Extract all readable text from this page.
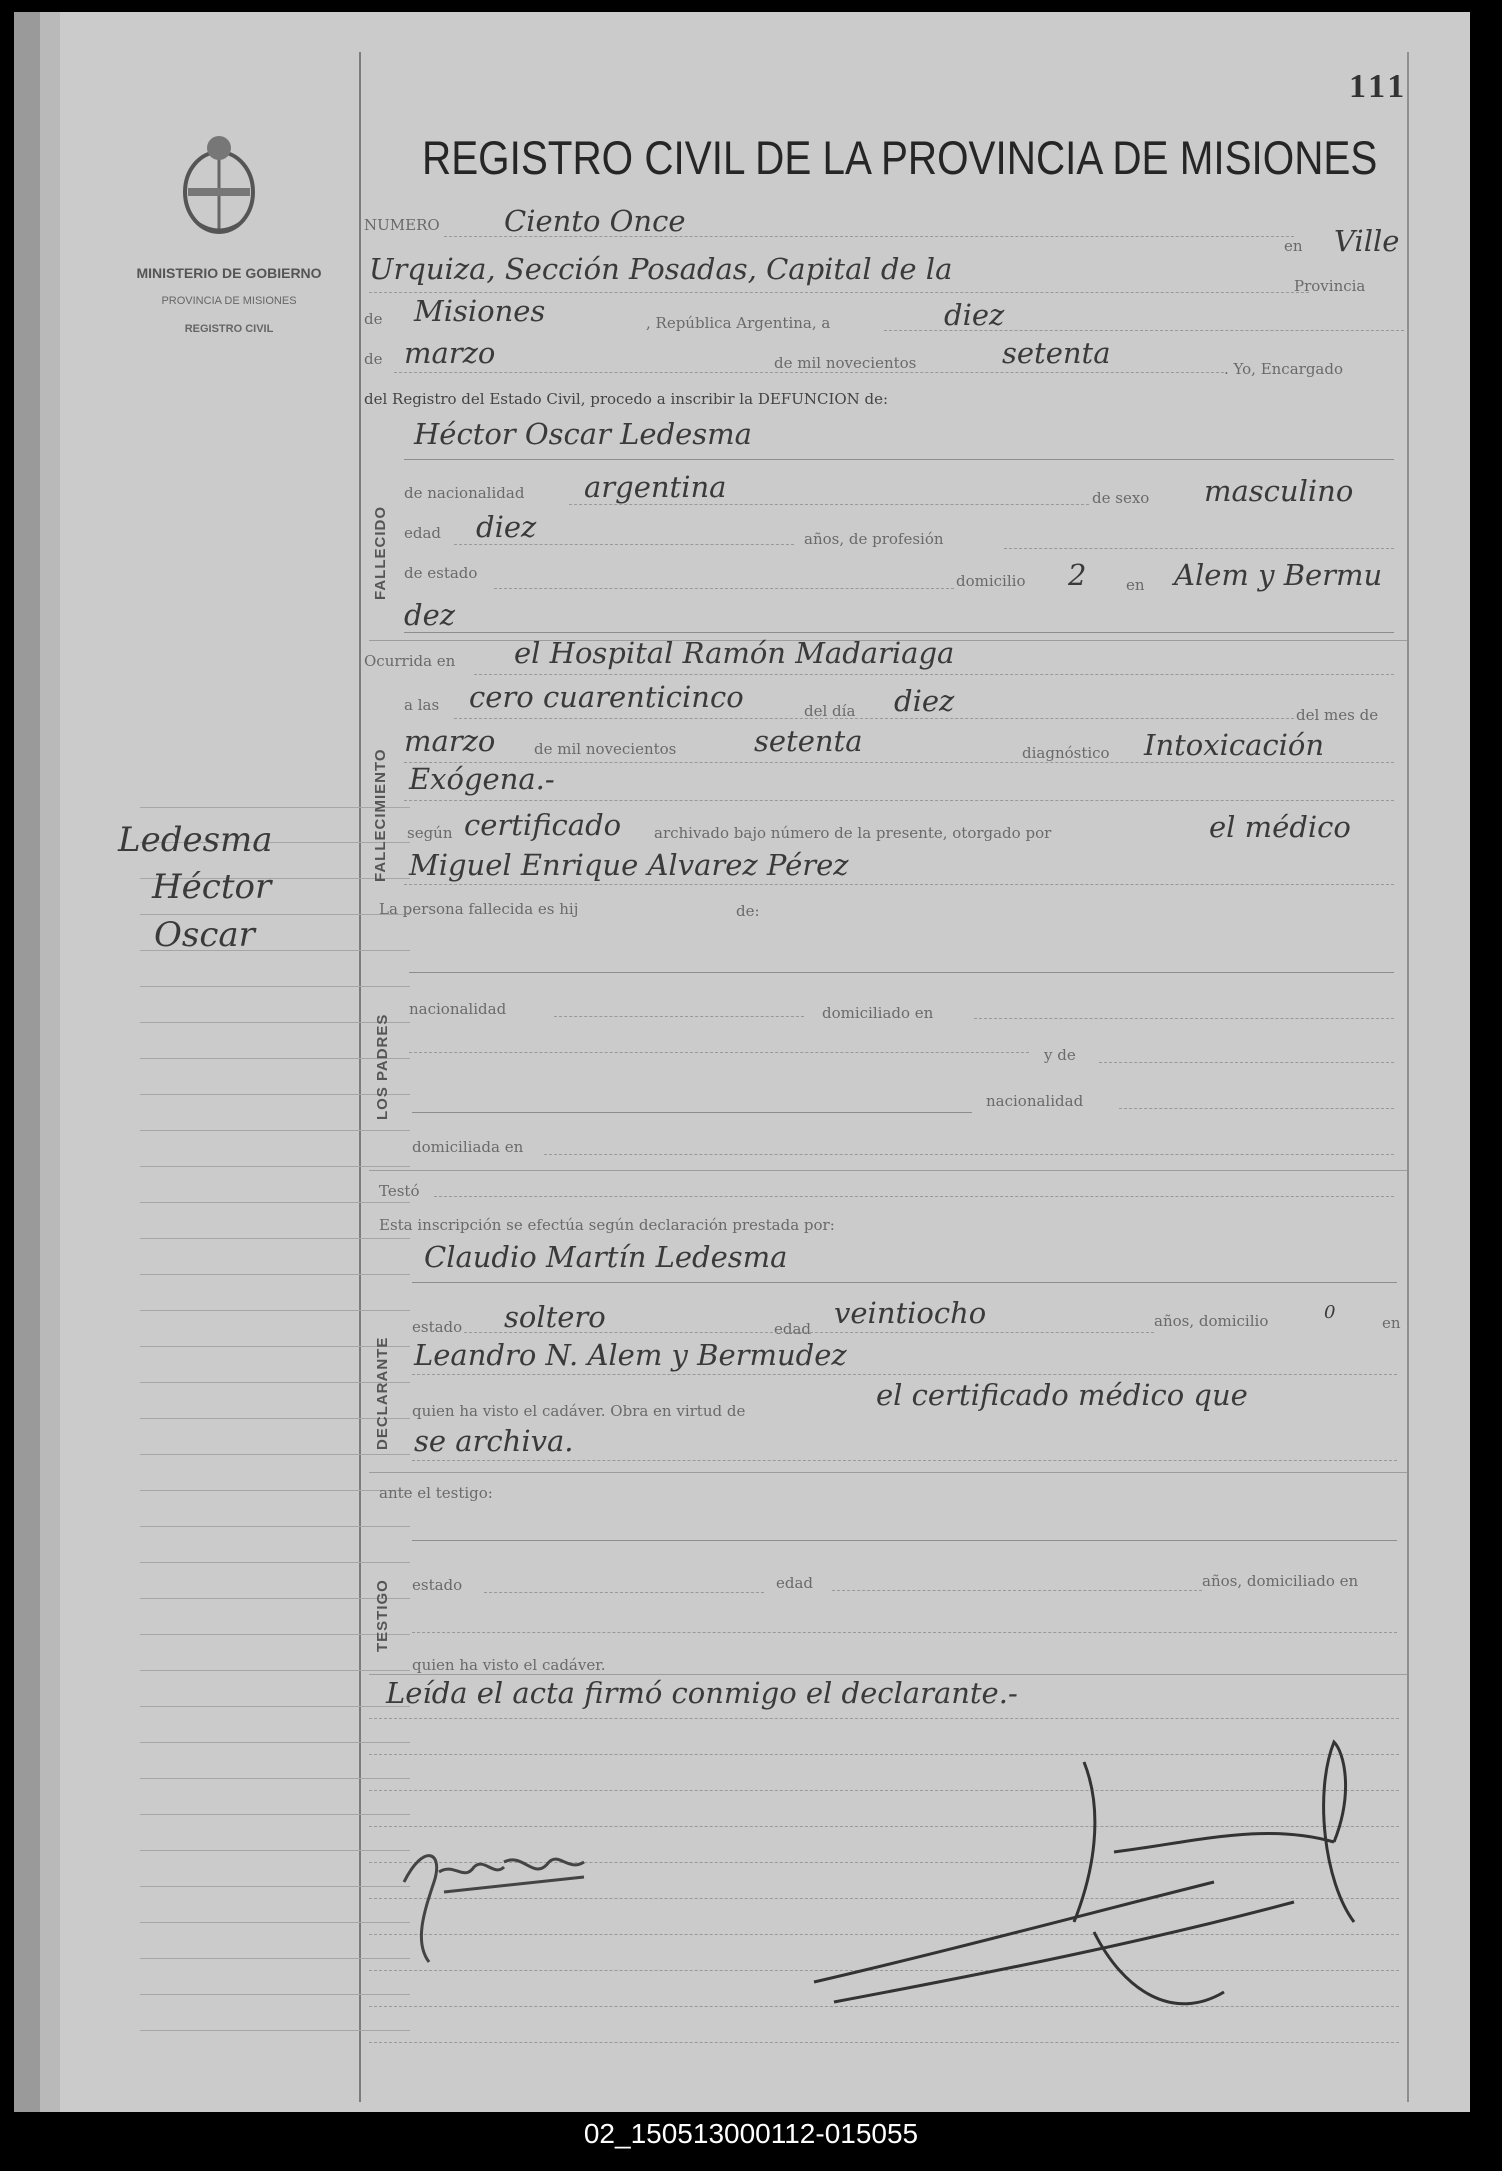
MINISTERIO DE GOBIERNO
PROVINCIA DE MISIONES
REGISTRO CIVIL
Ledesma
Héctor
Oscar
111
REGISTRO CIVIL DE LA PROVINCIA DE MISIONES
NUMERO Ciento Once
en Ville
Urquiza, Sección Posadas, Capital de la	Provincia
de Misiones	, República Argentina, a	diez
de marzo	de mil novecientos	setenta	. Yo, Encargado
del Registro del Estado Civil, procedo a inscribir la DEFUNCION de:
FALLECIDO
Héctor Oscar Ledesma
de nacionalidad argentina	de sexo masculino
edad diez	años, de profesión
de estado	domicilio 2	en Alem y Bermu
dez
FALLECIMIENTO
Ocurrida en el Hospital Ramón Madariaga
a las cero cuarenticinco	del día diez	del mes de
marzo	de mil novecientos	setenta	diagnóstico Intoxicación
Exógena.-
según certificado archivado bajo número de la presente, otorgado por	el médico
Miguel Enrique Alvarez Pérez
La persona fallecida es hij	de:
LOS PADRES
nacionalidad	domiciliado en
y de
nacionalidad
domiciliada en
Testó
Esta inscripción se efectúa según declaración prestada por:
DECLARANTE
Claudio Martín Ledesma
estado soltero	edad veintiocho	años, domicilio	0	en
Leandro N. Alem y Bermudez
quien ha visto el cadáver. Obra en virtud de	el certificado médico que
se archiva.
ante el testigo:
TESTIGO estado	edad	años, domiciliado en
quien ha visto el cadáver.
Leída el acta firmó conmigo el declarante.-
02_150513000112-015055
